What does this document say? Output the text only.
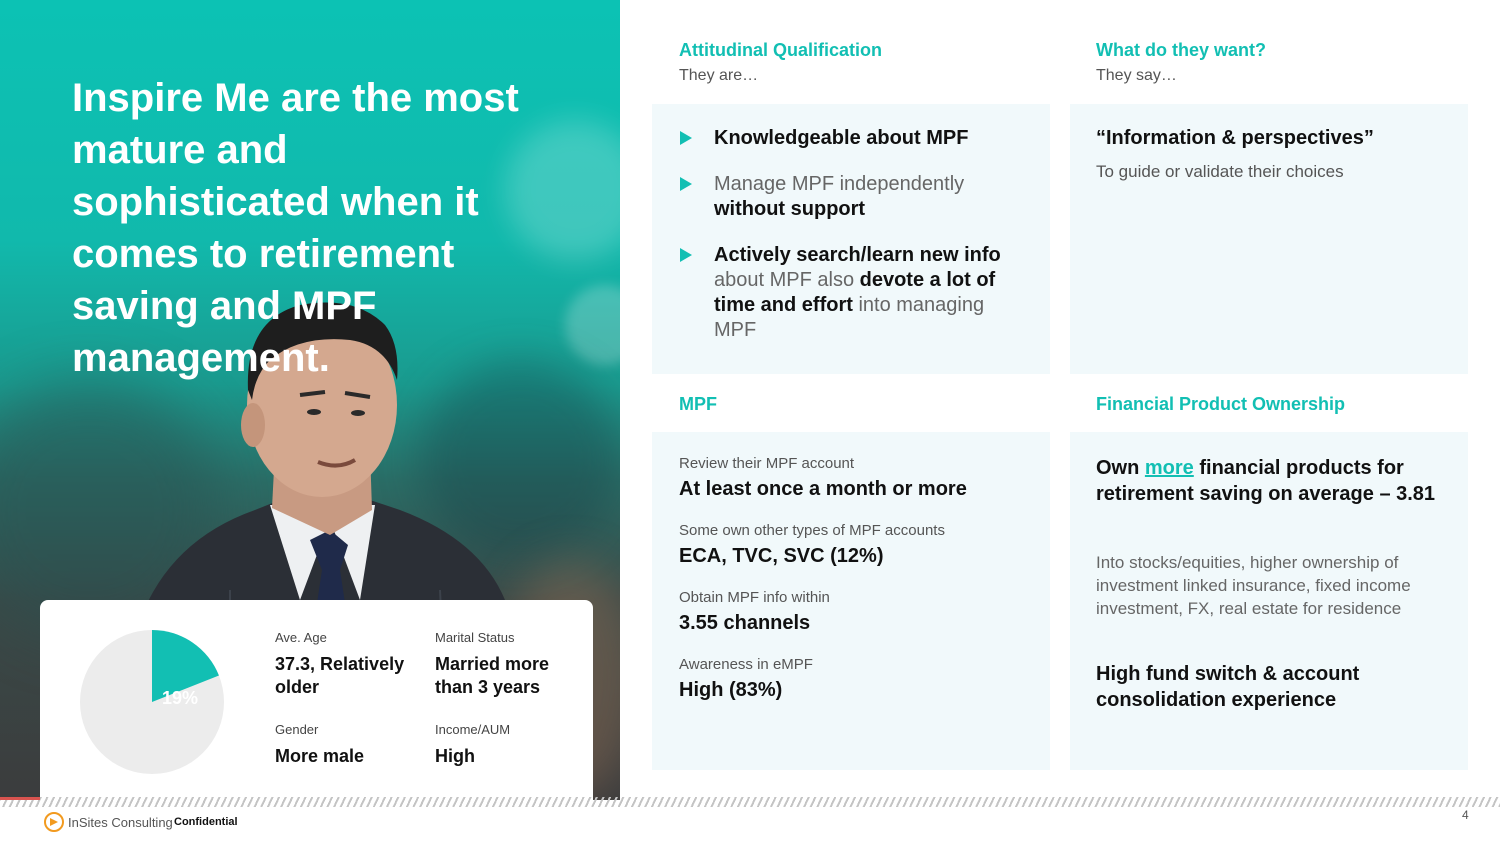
Inspire Me are the most mature and sophisticated when it comes to retirement saving and MPF management.
19%
Ave. Age
37.3, Relatively older
Marital Status
Married more than 3 years
Gender
More male
Income/AUM
High
Attitudinal Qualification
They are…
Knowledgeable about MPF
Manage MPF independently
without support
Actively search/learn new info about MPF also devote a lot of time and effort into managing MPF
What do they want?
They say…
“Information & perspectives”
To guide or validate their choices
MPF
Review their MPF account
At least once a month or more
Some own other types of MPF accounts
ECA, TVC, SVC (12%)
Obtain MPF info within
3.55 channels
Awareness in eMPF
High (83%)
Financial Product Ownership
Own more financial products for retirement saving on average – 3.81
Into stocks/equities, higher ownership of investment linked insurance, fixed income investment, FX, real estate for residence
High fund switch & account consolidation experience
InSites Consulting Confidential	4
